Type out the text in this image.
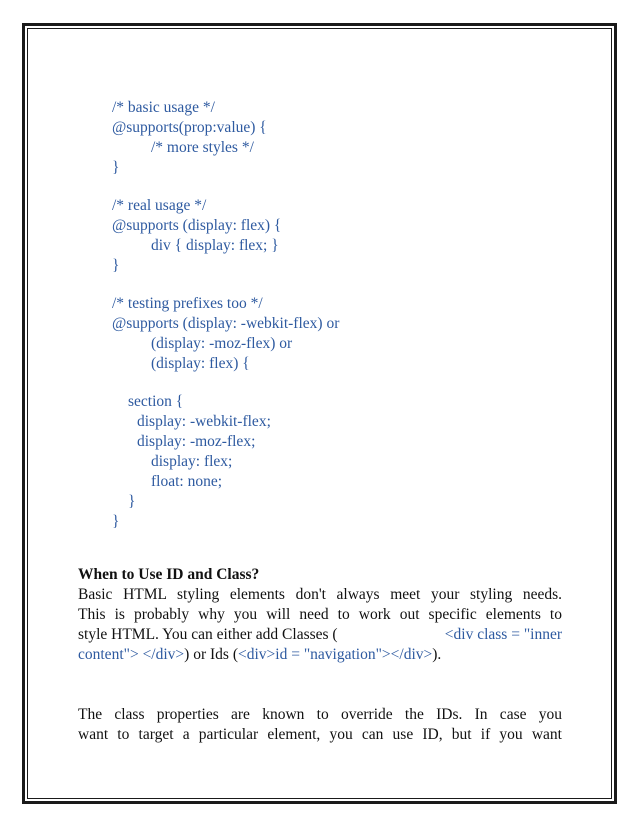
/* basic usage */

@supports(prop:value) {

/* more styles */

}

/* real usage */

@supports (display: flex) {

div { display: flex; }

}

/* testing prefixes too */

@supports (display: -webkit-flex) or

(display: -moz-flex) or

(display: flex) {

section {

display: -webkit-flex;

display: -moz-flex;

display: flex;

float: none;

}

}

When to Use ID and Class?
Basic HTML styling elements don't always meet your styling needs.
This is probably why you will need to work out specific elements to
style HTML. You can either add Classes (	<div class = "inner
content"> </div>) or Ids (<div>id = "navigation"></div>).
The class properties are known to override the IDs. In case you
want to target a particular element, you can use ID, but if you want
